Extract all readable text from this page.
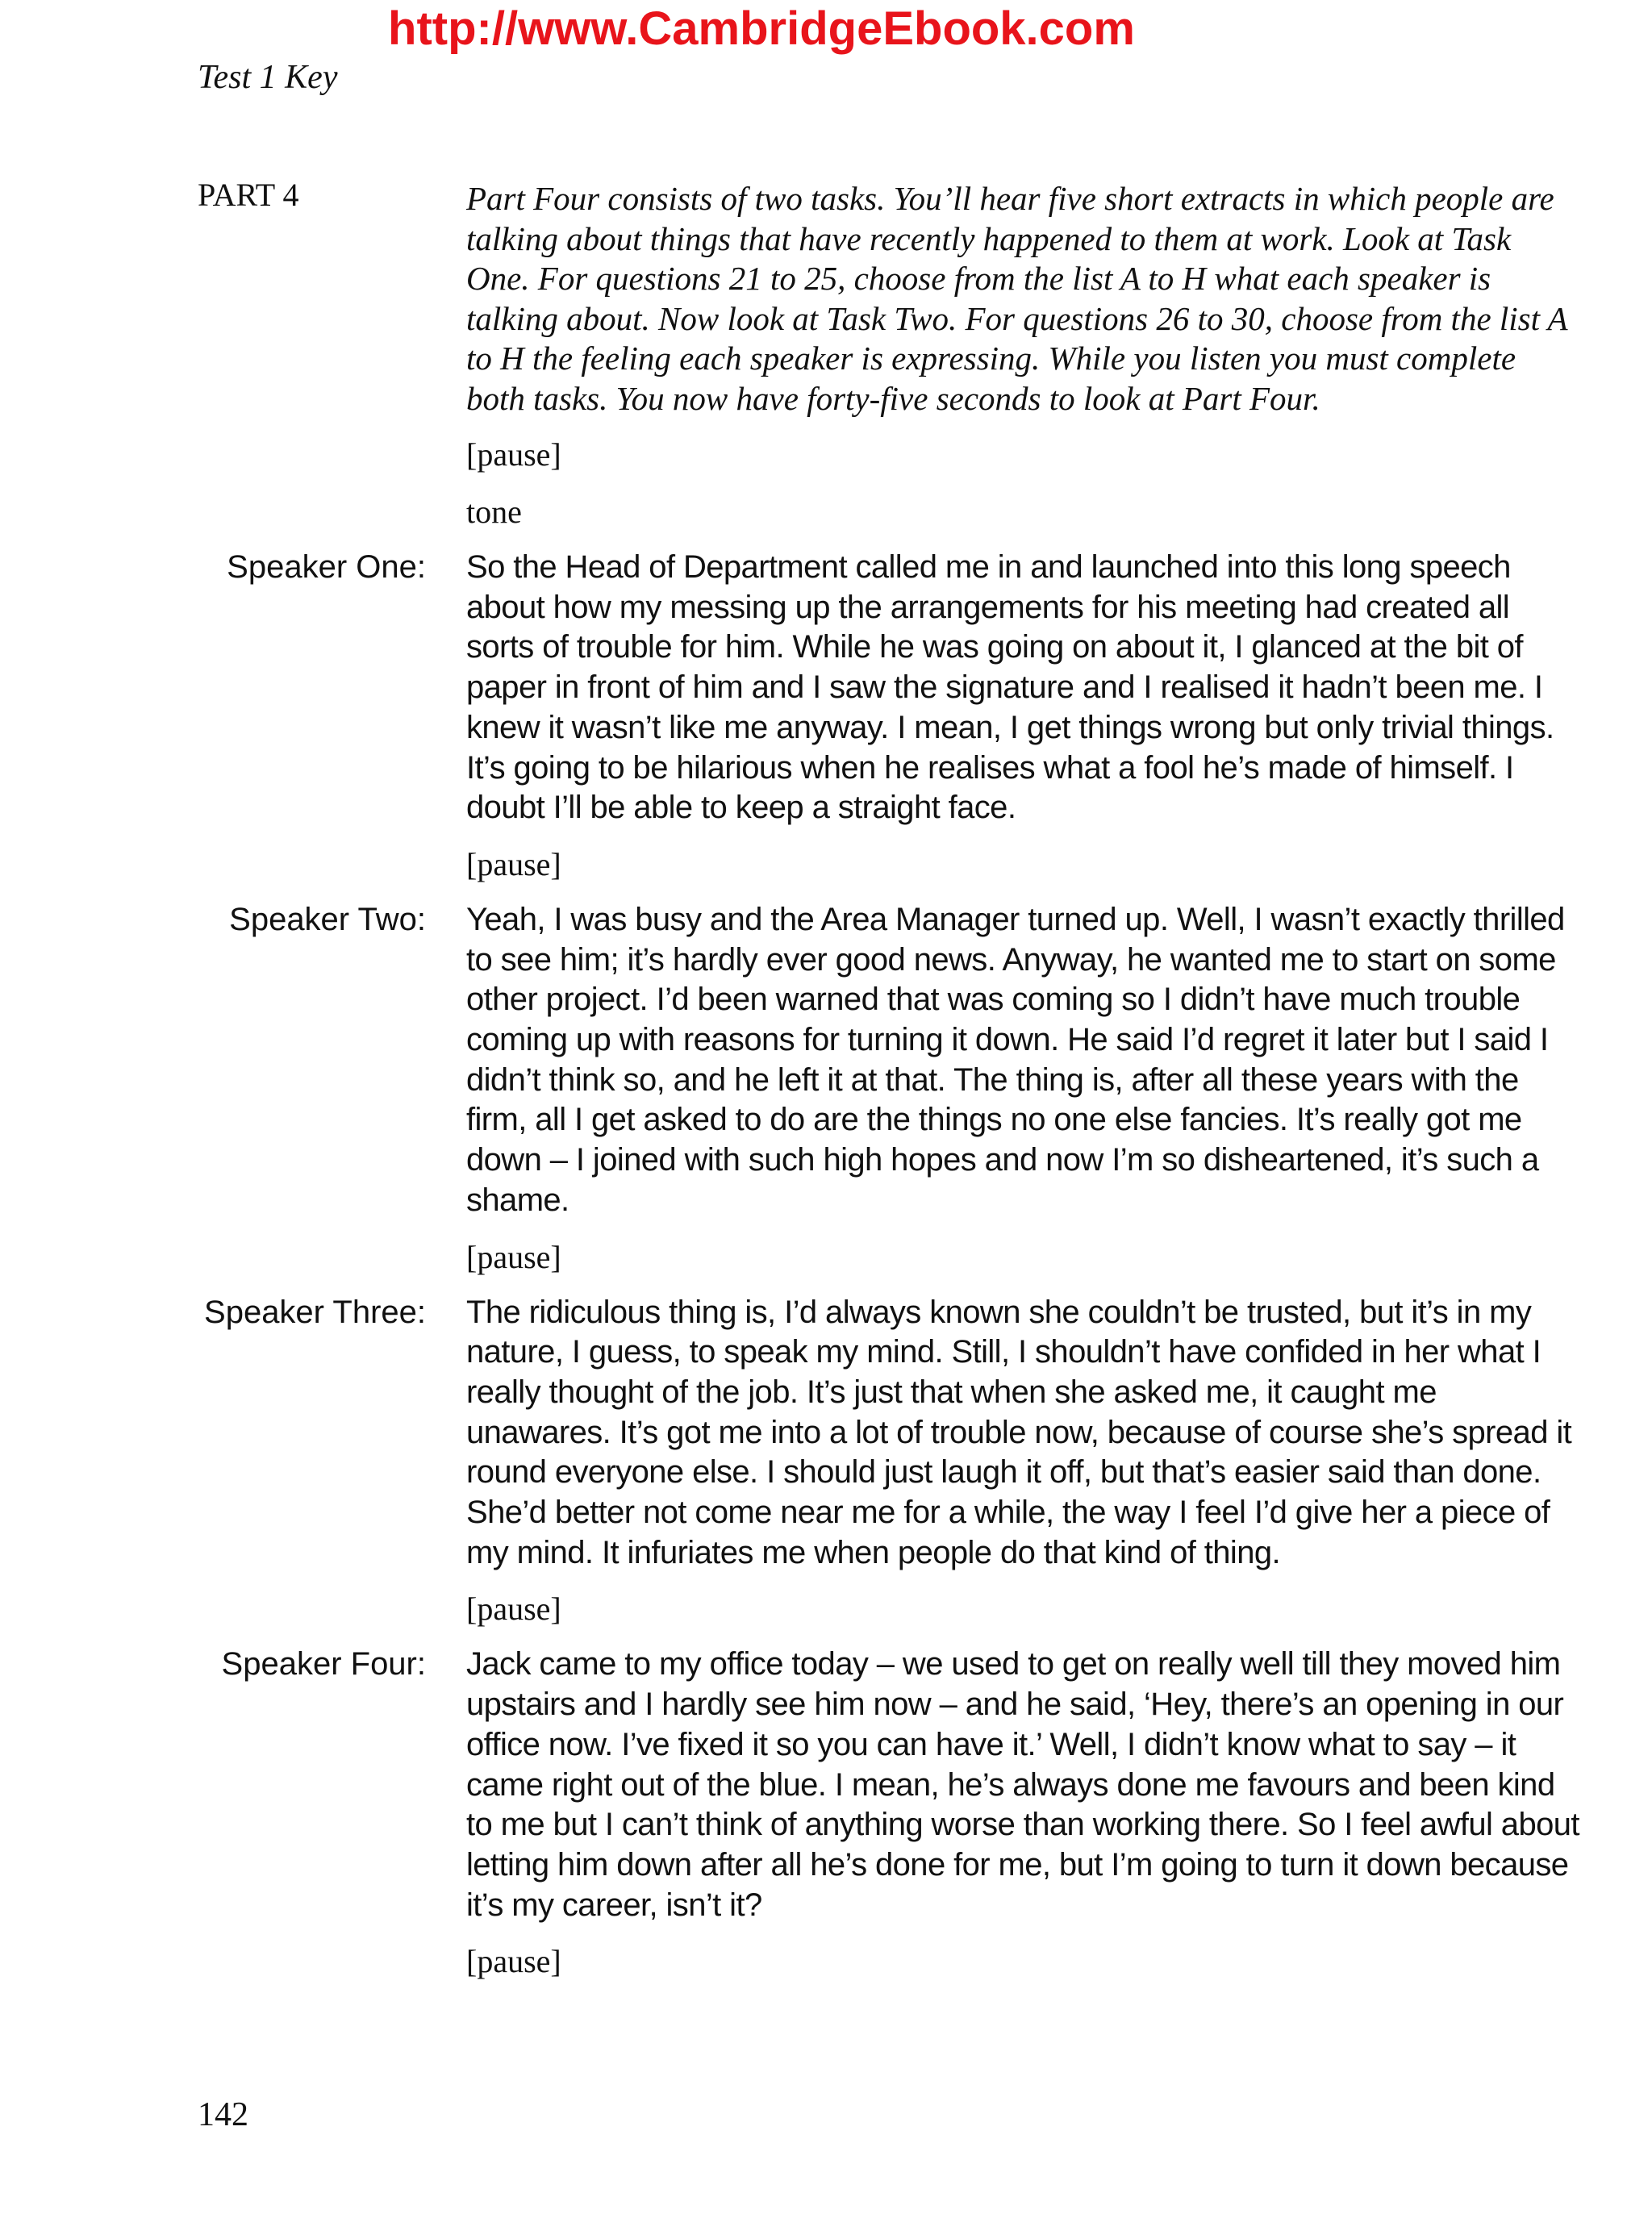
http://www.CambridgeEbook.com
Test 1 Key
PART 4	Part Four consists of two tasks. You’ll hear five short extracts in which people are talking about things that have recently happened to them at work. Look at Task One. For questions 21 to 25, choose from the list A to H what each speaker is talking about. Now look at Task Two. For questions 26 to 30, choose from the list A to H the feeling each speaker is expressing. While you listen you must complete both tasks. You now have forty-five seconds to look at Part Four.

[pause]

tone

Speaker One: So the Head of Department called me in and launched into this long speech about how my messing up the arrangements for his meeting had created all sorts of trouble for him. While he was going on about it, I glanced at the bit of paper in front of him and I saw the signature and I realised it hadn’t been me. I knew it wasn’t like me anyway. I mean, I get things wrong but only trivial things. It’s going to be hilarious when he realises what a fool he’s made of himself. I doubt I’ll be able to keep a straight face.

[pause]

Speaker Two: Yeah, I was busy and the Area Manager turned up. Well, I wasn’t exactly thrilled to see him; it’s hardly ever good news. Anyway, he wanted me to start on some other project. I’d been warned that was coming so I didn’t have much trouble coming up with reasons for turning it down. He said I’d regret it later but I said I didn’t think so, and he left it at that. The thing is, after all these years with the firm, all I get asked to do are the things no one else fancies. It’s really got me down – I joined with such high hopes and now I’m so disheartened, it’s such a shame.

[pause]

Speaker Three: The ridiculous thing is, I’d always known she couldn’t be trusted, but it’s in my nature, I guess, to speak my mind. Still, I shouldn’t have confided in her what I really thought of the job. It’s just that when she asked me, it caught me unawares. It’s got me into a lot of trouble now, because of course she’s spread it round everyone else. I should just laugh it off, but that’s easier said than done. She’d better not come near me for a while, the way I feel I’d give her a piece of my mind. It infuriates me when people do that kind of thing.

[pause]

Speaker Four: Jack came to my office today – we used to get on really well till they moved him upstairs and I hardly see him now – and he said, ‘Hey, there’s an opening in our office now. I’ve fixed it so you can have it.’ Well, I didn’t know what to say – it came right out of the blue. I mean, he’s always done me favours and been kind to me but I can’t think of anything worse than working there. So I feel awful about letting him down after all he’s done for me, but I’m going to turn it down because it’s my career, isn’t it?

[pause]

142
